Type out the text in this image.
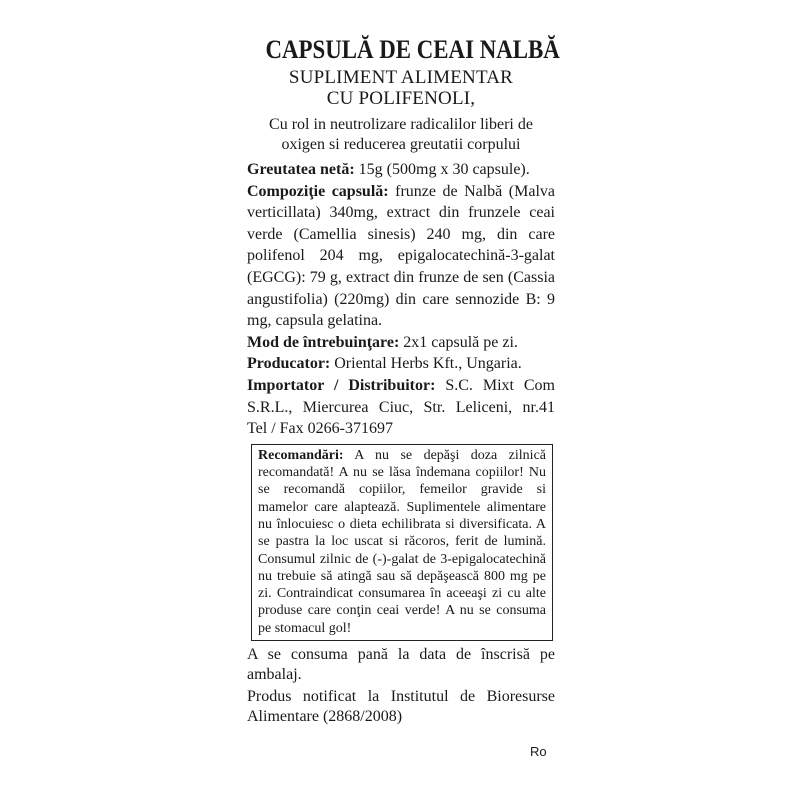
CAPSULĂ DE CEAI NALBĂ
SUPLIMENT ALIMENTAR
CU POLIFENOLI,
Cu rol in neutrolizare radicalilor liberi de oxigen si reducerea greutatii corpului

Greutatea netă: 15g (500mg x 30 capsule).

Compoziţie capsulă: frunze de Nalbă (Malva verticillata) 340mg, extract din frunzele ceai verde (Camellia sinesis) 240 mg, din care polifenol 204 mg, epigalocatechină-3-galat (EGCG): 79 g, extract din frunze de sen (Cassia angustifolia) (220mg) din care sennozide B: 9 mg, capsula gelatina.

Mod de întrebuinţare: 2x1 capsulă pe zi.

Producator: Oriental Herbs Kft., Ungaria.

Importator / Distribuitor: S.C. Mixt Com S.R.L., Miercurea Ciuc, Str. Leliceni, nr.41 Tel / Fax 0266-371697

Recomandări: A nu se depăşi doza zilnică recomandată! A nu se lăsa îndemana copiilor! Nu se recomandă copiilor, femeilor gravide si mamelor care alaptează. Suplimentele alimentare nu înlocuiesc o dieta echilibrata si diversificata. A se pastra la loc uscat si răcoros, ferit de lumină. Consumul zilnic de (-)-galat de 3-epigalocatechină nu trebuie să atingă sau să depăşească 800 mg pe zi. Contraindicat consumarea în aceeaşi zi cu alte produse care conţin ceai verde! A nu se consuma pe stomacul gol!

A se consuma pană la data de înscrisă pe ambalaj.

Produs notificat la Institutul de Bioresurse Alimentare (2868/2008)

Ro
